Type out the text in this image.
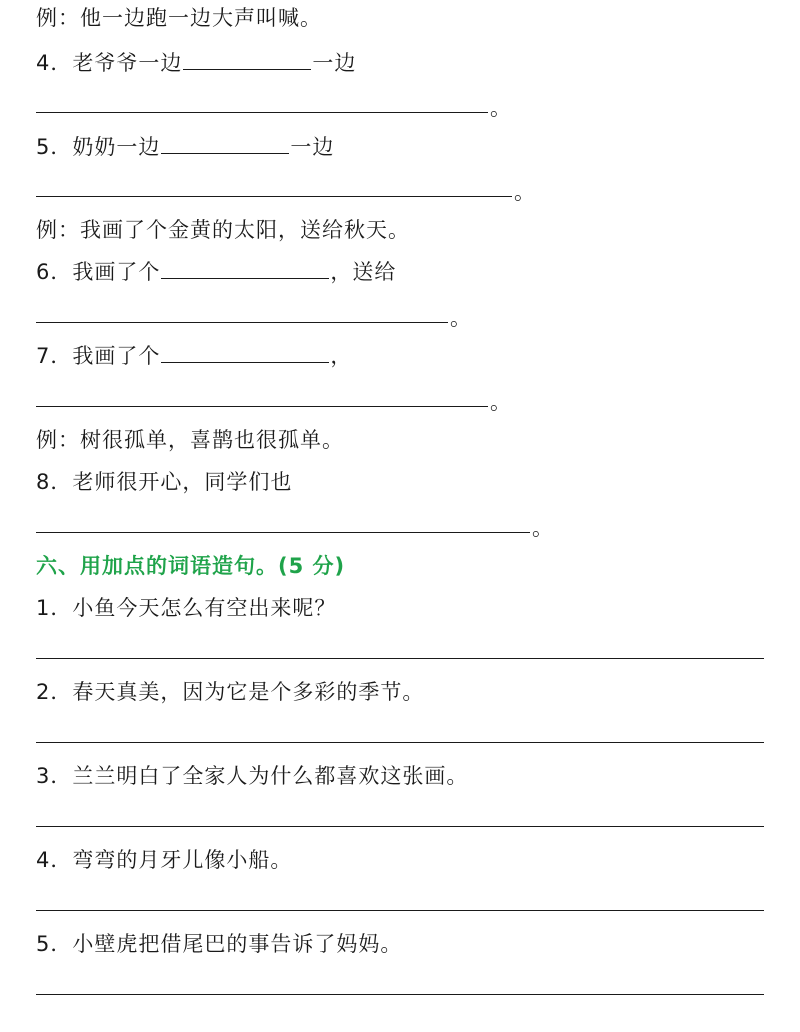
例：他一边跑一边大声叫喊。
4．老爷爷一边	一边
。
5．奶奶一边	一边
。
例：我画了个金黄的太阳，送给秋天。
6．我画了个	，送给
。
7．我画了个	，
。
例：树很孤单，喜鹊也很孤单。
8．老师很开心，同学们也
。
六、用加点的词语造句。(5 分)
1．小鱼今天怎么有空出来呢？
2．春天真美，因为它是个多彩的季节。
3．兰兰明白了全家人为什么都喜欢这张画。
4．弯弯的月牙儿像小船。
5．小壁虎把借尾巴的事告诉了妈妈。
